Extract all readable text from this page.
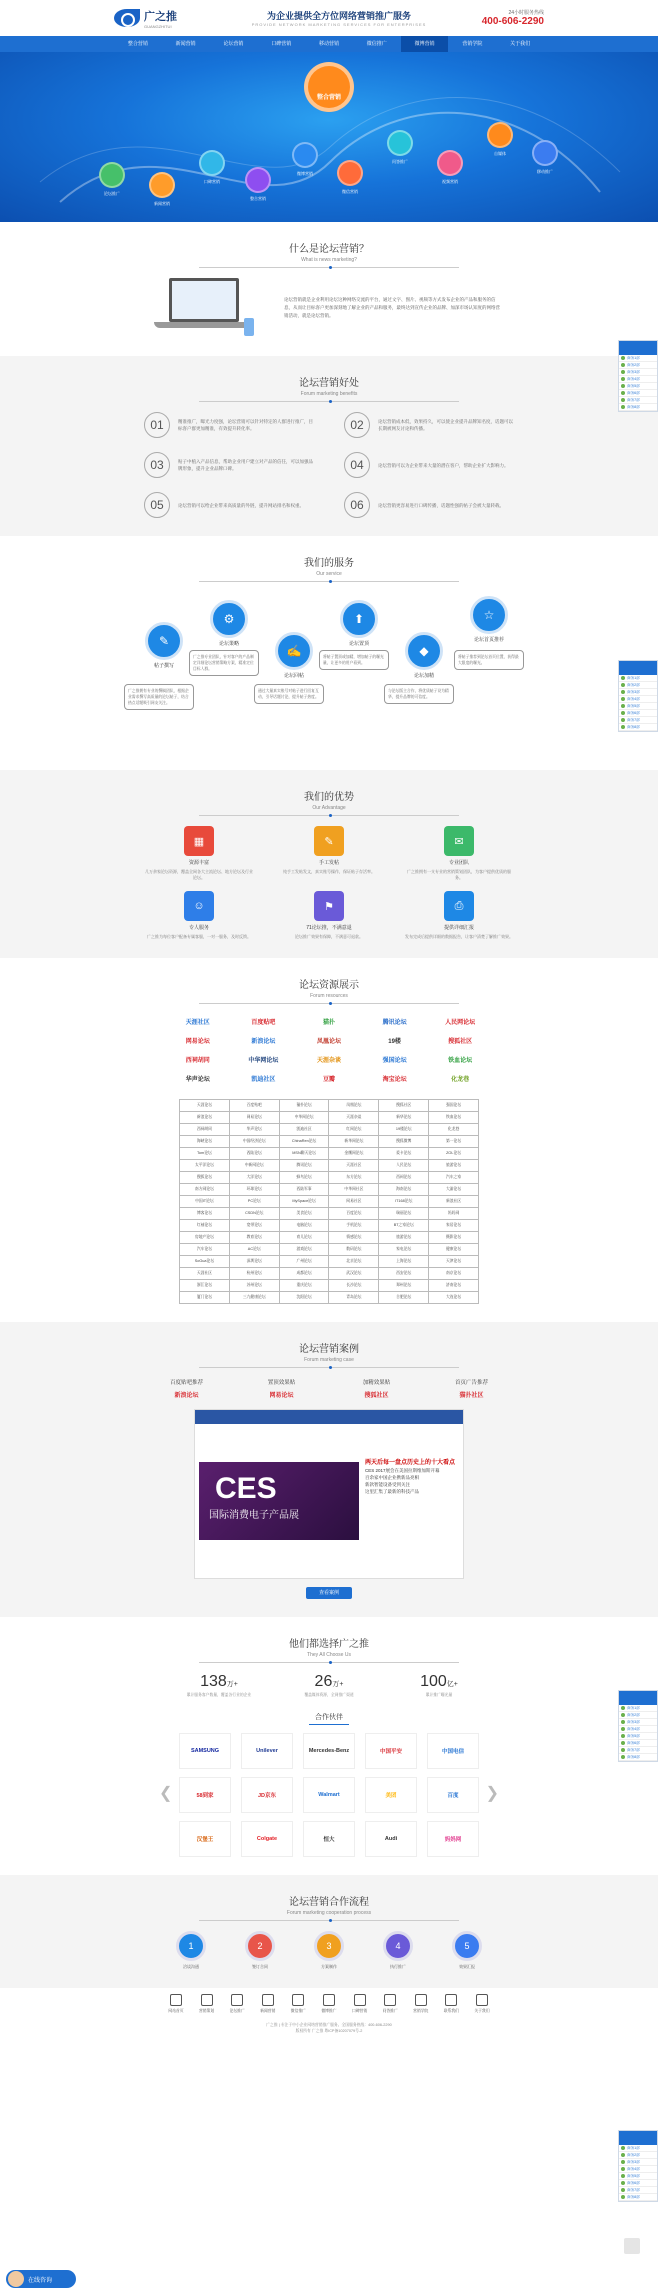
广之推
GUANGZHITUI
为企业提供全方位网络营销推广服务
PROVIDE NETWORK MARKETING SERVICES FOR ENTERPRISES
24小时服务热线
400-606-2290
整合营销	新闻营销	论坛营销	口碑营销	移动营销	微信推广	微博营销	营销学院	关于我们
整合营销
论坛推广
新闻营销
口碑营销
整合营销
微博营销
微信营销
问答推广
视频营销
自媒体
移动推广
什么是论坛营销？

What is news marketing?

论坛营销就是企业利用论坛这种网络交流的平台，通过文字、图片、视频等方式发布企业的产品和服务的信息，从而让目标客户更加深刻地了解企业的产品和服务，最终达到宣传企业的品牌、加深市场认知度的网络营销活动，就是论坛营销。
论坛营销好处

Forum marketing benefits

01	精准推广，曝光力度强，论坛营销可以针对特定的人群进行推广，目标客户群更加精准，有效提升转化率。	02	论坛营销成本低，效果持久，可以使企业提升品牌知名度，话题可以长期被网友讨论和传播。
03	贴子中植入产品信息，帮助企业用户建立对产品的信任，可以加强品牌形象，提升企业品牌口碑。	04	论坛营销可以为企业带来大量的潜在客户，帮助企业扩大影响力。
05	论坛营销可以给企业带来高质量的外链，提升网站排名和权重。	06	论坛营销更容易进行口碑传播，话题性强的帖子会被大量转载。
我们的服务

Our service

✎
帖子撰写
广之推拥有专业的撰稿团队，根据企业需求撰写高质量的论坛帖子，结合热点话题吸引网友关注。
⚙
论坛策略
广之推专业团队，针对客户的产品制定详细论坛营销策略方案，精准定位目标人群。
✍
论坛回帖
通过大量真实账号对帖子进行回复互动，引导话题讨论，提升帖子热度。
⬆
论坛置顶
将帖子置顶或加精，增加帖子的曝光量，让更多的用户看到。
◆
论坛加精
与论坛版主合作，将优质帖子设为精华，提升品牌的可信度。
☆
论坛首页推荐
将帖子推荐到论坛首页位置，获得最大限度的曝光。
我们的优势

Our Advantage

▦
资源丰富
几万余家论坛资源，覆盖全网各大主流论坛、地方论坛及行业论坛。
✎
手工发帖
纯手工发帖发文，真实账号操作，保证帖子存活率。
✉
专业团队
广之推拥有一支专业的营销策划团队，为客户提供优质的服务。
☺
专人服务
广之推为每位客户配备专属客服，一对一服务，及时反馈。
⚑
71论坛推，不满意退
论坛推广效果有保障，不满意可退款。
⎙
提供详细汇报
发布完成后提供详细的数据报告，让客户清楚了解推广效果。
论坛资源展示

Forum resources

天涯社区	百度贴吧	猫扑	腾讯论坛	人民网论坛
网易论坛	新浪论坛	凤凰论坛	19楼	搜狐社区
西祠胡同	中华网论坛	天涯杂谈	强国论坛	铁血论坛
华声论坛	凯迪社区	豆瓣	淘宝论坛	化龙巷
天涯论坛	百度贴吧	猫扑论坛	凤凰论坛	搜狐社区	强国论坛
新浪论坛	网易论坛	中华网论坛	天涯杂谈	新华论坛	铁血论坛
西祠胡同	华声论坛	凯迪社区	红网论坛	19楼论坛	化龙巷
海峡论坛	中国经济论坛	ChinaRen论坛	新华网论坛	搜狐微博	第一论坛
Tom论坛	西陆论坛	MSN聊天论坛	金鹰网论坛	爱卡论坛	ZOL论坛
太平洋论坛	中新网论坛	腾讯论坛	天涯社区	人民论坛	旅游论坛
搜狐论坛	大洋论坛	蜂鸟论坛	东方论坛	西祠论坛	汽车之家
南方网论坛	环球论坛	西陆军事	中华网社区	海南论坛	大渝论坛
中国IT论坛	PC论坛	MySpace论坛	网易社区	IT168论坛	新浪社区
博客论坛	CSDN论坛	美食论坛	百度论坛	瑞丽论坛	妈妈网
红袖论坛	宽带论坛	电脑论坛	手机论坛	BT之家论坛	家居论坛
房地产论坛	教育论坛	育儿论坛	情感论坛	旅游论坛	摄影论坛
汽车论坛	AC论坛	游戏论坛	数码论坛	家电论坛	健康论坛
SoGua论坛	深圳论坛	广州论坛	北京论坛	上海论坛	天津论坛
天涯社区	杭州论坛	成都论坛	武汉论坛	西安论坛	南京论坛
浙江论坛	苏州论坛	重庆论坛	长沙论坛	郑州论坛	济南论坛
厦门论坛	三九健康论坛	沈阳论坛	青岛论坛	合肥论坛	大连论坛
论坛营销案例

Forum marketing case

百度贴吧推荐
新浪论坛
置顶效果贴
网易论坛
加精效果贴
搜狐社区
首页广告推荐
猫扑社区
CES
国际消费电子产品展
两天后每一盘点历史上的十大看点
CES 2017展会在美国拉斯维加斯开幕
百余家中国企业携新品亮相
新款智能设备受到关注
这里汇集了最新的科技产品
查看案例
他们都选择广之推

They All Choose Us

138万+
累计服务客户数量，覆盖各行业的企业
26万+
覆盖媒体资源，全网推广渠道
100亿+
累计推广曝光量
合作伙伴
❮
SAMSUNG	Unilever	Mercedes-Benz	中国平安	中国电信
58到家	JD京东	Walmart	美团	百度
汉堡王	Colgate	恒大	Audi	妈妈网
❯
论坛营销合作流程

Forum marketing cooperation process

1
洽谈沟通
2
签订合同
3
方案制作
4
执行推广
5
效果汇报
网站首页	营销策划	论坛推广	新闻营销	微信推广	微博推广	口碑营销	问答推广	营销学院	联系我们	关于我们
广之推 | 专注于中小企业网络营销推广服务。全国服务热线：400-606-2290
版权所有 广之推 粤ICP备10207079号-2
商务1部
商务2部
商务3部
商务4部
商务5部
商务6部
商务7部
商务8部
商务1部
商务2部
商务3部
商务4部
商务5部
商务6部
商务7部
商务8部
商务1部
商务2部
商务3部
商务4部
商务5部
商务6部
商务7部
商务8部
商务1部
商务2部
商务3部
商务4部
商务5部
商务6部
商务7部
商务8部
在线咨询
